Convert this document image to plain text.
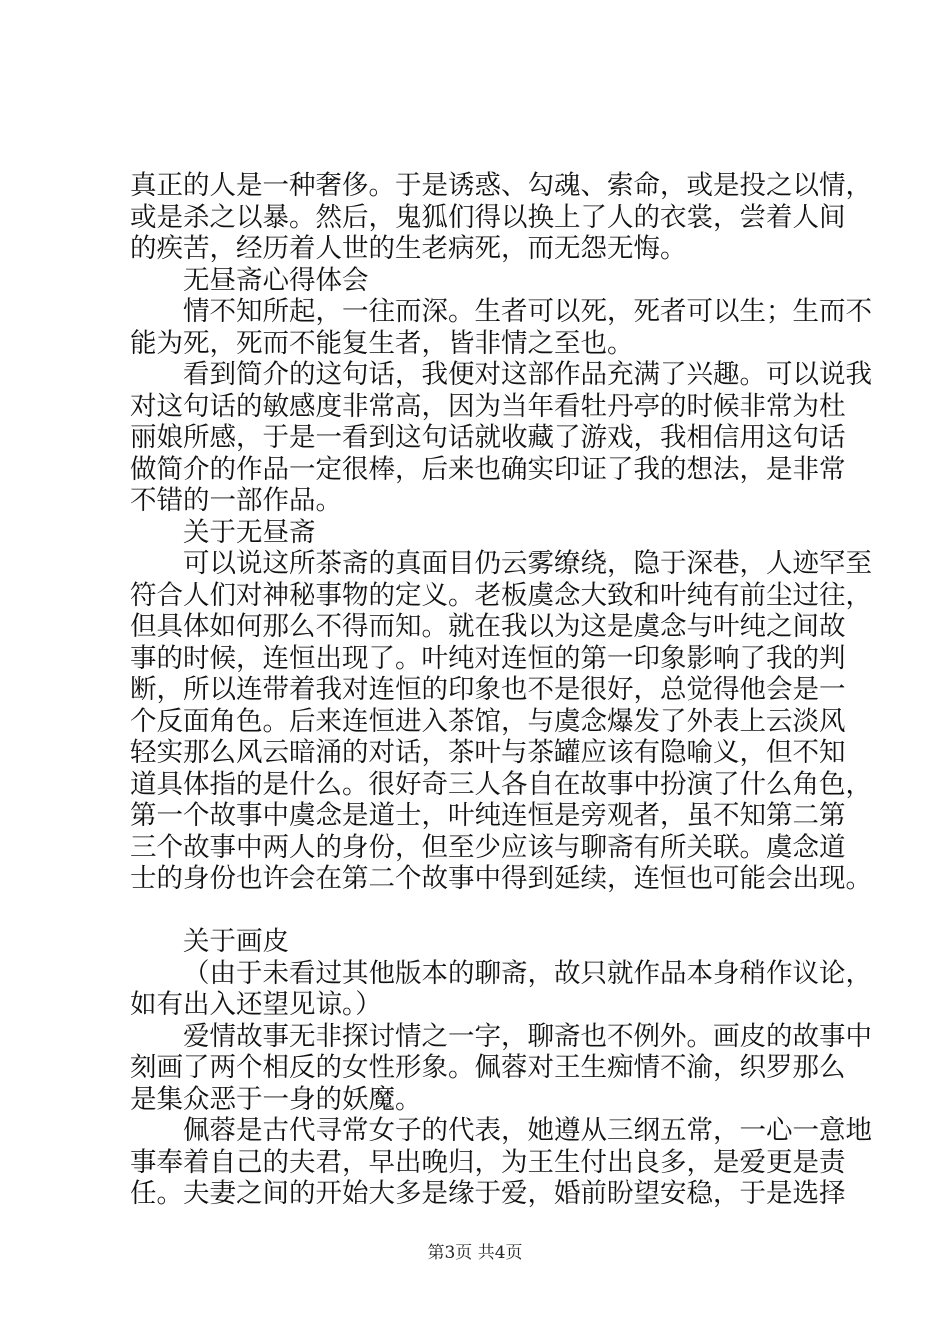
真正的人是一种奢侈。于是诱惑、勾魂、索命，或是投之以情，
或是杀之以暴。然后，鬼狐们得以换上了人的衣裳，尝着人间
的疾苦，经历着人世的生老病死，而无怨无悔。
无昼斋心得体会
情不知所起，一往而深。生者可以死，死者可以生；生而不
能为死，死而不能复生者，皆非情之至也。
看到简介的这句话，我便对这部作品充满了兴趣。可以说我
对这句话的敏感度非常高，因为当年看牡丹亭的时候非常为杜
丽娘所感，于是一看到这句话就收藏了游戏，我相信用这句话
做简介的作品一定很棒，后来也确实印证了我的想法，是非常
不错的一部作品。
关于无昼斋
可以说这所茶斋的真面目仍云雾缭绕，隐于深巷，人迹罕至
符合人们对神秘事物的定义。老板虞念大致和叶纯有前尘过往，
但具体如何那么不得而知。就在我以为这是虞念与叶纯之间故
事的时候，连恒出现了。叶纯对连恒的第一印象影响了我的判
断，所以连带着我对连恒的印象也不是很好，总觉得他会是一
个反面角色。后来连恒进入茶馆，与虞念爆发了外表上云淡风
轻实那么风云暗涌的对话，茶叶与茶罐应该有隐喻义，但不知
道具体指的是什么。很好奇三人各自在故事中扮演了什么角色，
第一个故事中虞念是道士，叶纯连恒是旁观者，虽不知第二第
三个故事中两人的身份，但至少应该与聊斋有所关联。虞念道
士的身份也许会在第二个故事中得到延续，连恒也可能会出现。
关于画皮
（由于未看过其他版本的聊斋，故只就作品本身稍作议论，
如有出入还望见谅。）
爱情故事无非探讨情之一字，聊斋也不例外。画皮的故事中
刻画了两个相反的女性形象。佩蓉对王生痴情不渝，织罗那么
是集众恶于一身的妖魔。
佩蓉是古代寻常女子的代表，她遵从三纲五常，一心一意地
事奉着自己的夫君，早出晚归，为王生付出良多，是爱更是责
任。夫妻之间的开始大多是缘于爱，婚前盼望安稳，于是选择
第3页 共4页
